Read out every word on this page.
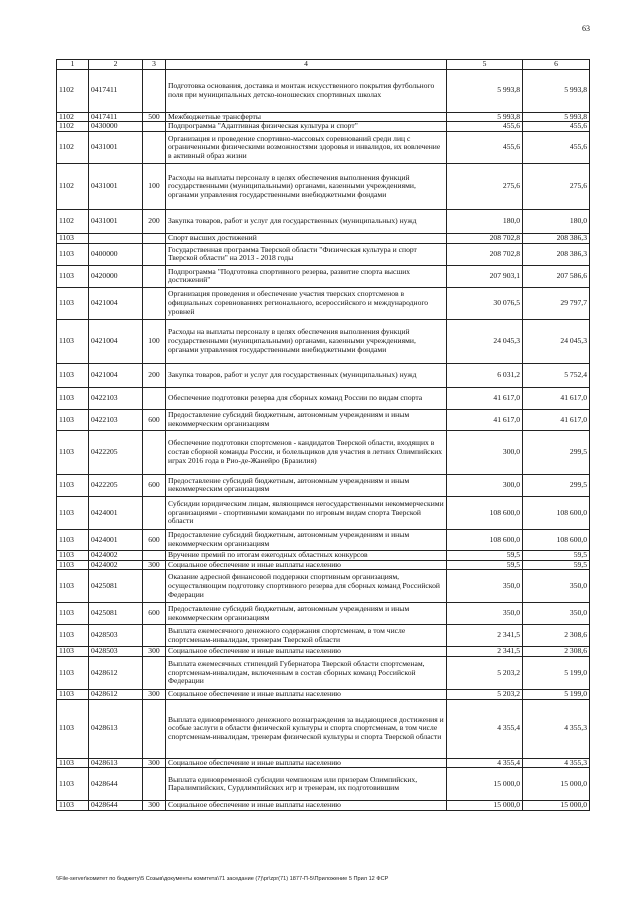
63
1	2	3	4	5	6
1102	0417411		Подготовка основания, доставка и монтаж искусственного покрытия футбольного поля при муниципальных детско-юношеских спортивных школах	5 993,8	5 993,8
1102	0417411	500	Межбюджетные трансферты	5 993,8	5 993,8
1102	0430000		Подпрограмма "Адаптивная физическая культура и спорт"	455,6	455,6
1102	0431001		Организация и проведение спортивно-массовых соревнований среди лиц с ограниченными физическими возможностями здоровья и инвалидов, их вовлечение в активный образ жизни	455,6	455,6
1102	0431001	100	Расходы на выплаты персоналу в целях обеспечения выполнения функций государственными (муниципальными) органами, казенными учреждениями, органами управления государственными внебюджетными фондами	275,6	275,6
1102	0431001	200	Закупка товаров, работ и услуг для государственных (муниципальных) нужд	180,0	180,0
1103			Спорт высших достижений	208 702,8	208 386,3
1103	0400000		Государственная программа Тверской области "Физическая культура и спорт Тверской области" на 2013 - 2018 годы	208 702,8	208 386,3
1103	0420000		Подпрограмма "Подготовка спортивного резерва, развитие спорта высших достижений"	207 903,1	207 586,6
1103	0421004		Организация проведения и обеспечение участия тверских спортсменов в официальных соревнованиях регионального, всероссийского и международного уровней	30 076,5	29 797,7
1103	0421004	100	Расходы на выплаты персоналу в целях обеспечения выполнения функций государственными (муниципальными) органами, казенными учреждениями, органами управления государственными внебюджетными фондами	24 045,3	24 045,3
1103	0421004	200	Закупка товаров, работ и услуг для государственных (муниципальных) нужд	6 031,2	5 752,4
1103	0422103		Обеспечение подготовки резерва для сборных команд России по видам спорта	41 617,0	41 617,0
1103	0422103	600	Предоставление субсидий бюджетным, автономным учреждениям и иным некоммерческим организациям	41 617,0	41 617,0
1103	0422205		Обеспечение подготовки спортсменов - кандидатов Тверской области, входящих в состав сборной команды России, и болельщиков для участия в летних Олимпийских играх 2016 года в Рио-де-Жанейро (Бразилия)	300,0	299,5
1103	0422205	600	Предоставление субсидий бюджетным, автономным учреждениям и иным некоммерческим организациям	300,0	299,5
1103	0424001		Субсидии юридическим лицам, являющимся негосударственными некоммерческими организациями - спортивными командами по игровым видам спорта Тверской области	108 600,0	108 600,0
1103	0424001	600	Предоставление субсидий бюджетным, автономным учреждениям и иным некоммерческим организациям	108 600,0	108 600,0
1103	0424002		Вручение премий по итогам ежегодных областных конкурсов	59,5	59,5
1103	0424002	300	Социальное обеспечение и иные выплаты населению	59,5	59,5
1103	0425081		Оказание адресной финансовой поддержки спортивным организациям, осуществляющим подготовку спортивного резерва для сборных команд Российской Федерации	350,0	350,0
1103	0425081	600	Предоставление субсидий бюджетным, автономным учреждениям и иным некоммерческим организациям	350,0	350,0
1103	0428503		Выплата ежемесячного денежного содержания спортсменам, в том числе спортсменам-инвалидам, тренерам Тверской области	2 341,5	2 308,6
1103	0428503	300	Социальное обеспечение и иные выплаты населению	2 341,5	2 308,6
1103	0428612		Выплата ежемесячных стипендий Губернатора Тверской области спортсменам, спортсменам-инвалидам, включенным в состав сборных команд Российской Федерации	5 203,2	5 199,0
1103	0428612	300	Социальное обеспечение и иные выплаты населению	5 203,2	5 199,0
1103	0428613		Выплата единовременного денежного вознаграждения за выдающиеся достижения и особые заслуги в области физической культуры и спорта спортсменам, в том числе спортсменам-инвалидам, тренерам физической культуры и спорта Тверской области	4 355,4	4 355,3
1103	0428613	300	Социальное обеспечение и иные выплаты населению	4 355,4	4 355,3
1103	0428644		Выплата единовременной субсидии чемпионам или призерам Олимпийских, Паралимпийских, Сурдлимпийских игр и тренерам, их подготовившим	15 000,0	15 000,0
1103	0428644	300	Социальное обеспечение и иные выплаты населению	15 000,0	15 000,0
\\File-server\комитет по бюджету\5 Созыв\документы комитета\71 заседание (7)\pr\zpr(71) 1877-П-5\Приложение 5 Прил 12 ФСР
